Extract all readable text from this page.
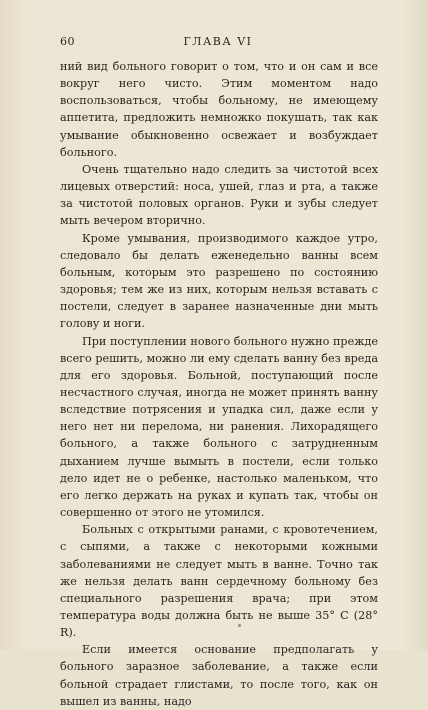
60	ГЛАВА VI

ний вид больного говорит о том, что и он сам и все вокруг него чисто. Этим моментом надо воспользоваться, чтобы больному, не имеющему аппетита, предложить немножко покушать, так как умывание обыкновенно освежает и возбуждает больного.

Очень тщательно надо следить за чистотой всех лицевых отверстий: носа, ушей, глаз и рта, а также за чистотой половых органов. Руки и зубы следует мыть вечером вторично.

Кроме умывания, производимого каждое утро, следовало бы делать еженедельно ванны всем больным, которым это разрешено по состоянию здоровья; тем же из них, которым нельзя вставать с постели, следует в заранее назначенные дни мыть голову и ноги.

При поступлении нового больного нужно прежде всего решить, можно ли ему сделать ванну без вреда для его здоровья. Больной, поступающий после несчастного случая, иногда не может принять ванну вследствие потрясения и упадка сил, даже если у него нет ни перелома, ни ранения. Лихорадящего больного, а также больного с затрудненным дыханием лучше вымыть в постели, если только дело идет не о ребенке, настолько маленьком, что его легко держать на руках и купать так, чтобы он совершенно от этого не утомился.

Больных с открытыми ранами, с кровотечением, с сыпями, а также с некоторыми кожными заболеваниями не следует мыть в ванне. Точно так же нельзя делать ванн сердечному больному без специального разрешения врача; при этом температура воды должна быть не выше 35° С (28° R).

Если имеется основание предполагать у больного заразное заболевание, а также если больной страдает глистами, то после того, как он вышел из ванны, надо
